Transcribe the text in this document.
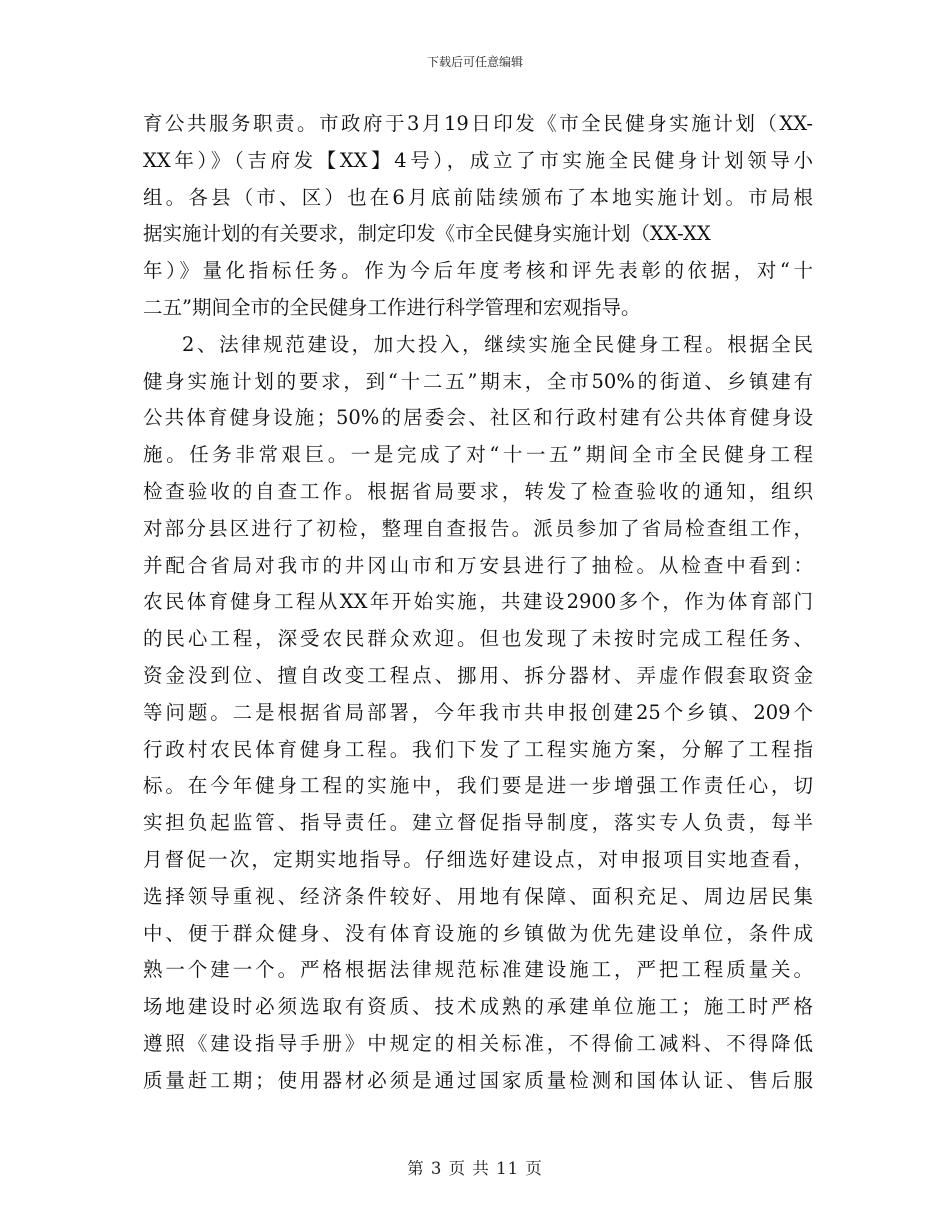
下载后可任意编辑
育公共服务职责。市政府于3月19日印发《市全民健身实施计划（XX-
XX年）》（吉府发【XX】4号），成立了市实施全民健身计划领导小
组。各县（市、区）也在6月底前陆续颁布了本地实施计划。市局根
据实施计划的有关要求，制定印发《市全民健身实施计划（XX-XX
年）》量化指标任务。作为今后年度考核和评先表彰的依据，对“十
二五”期间全市的全民健身工作进行科学管理和宏观指导。
2、法律规范建设，加大投入，继续实施全民健身工程。根据全民
健身实施计划的要求，到“十二五”期末，全市50%的街道、乡镇建有
公共体育健身设施；50%的居委会、社区和行政村建有公共体育健身设
施。任务非常艰巨。一是完成了对“十一五”期间全市全民健身工程
检查验收的自查工作。根据省局要求，转发了检查验收的通知，组织
对部分县区进行了初检，整理自查报告。派员参加了省局检查组工作，
并配合省局对我市的井冈山市和万安县进行了抽检。从检查中看到：
农民体育健身工程从XX年开始实施，共建设2900多个，作为体育部门
的民心工程，深受农民群众欢迎。但也发现了未按时完成工程任务、
资金没到位、擅自改变工程点、挪用、拆分器材、弄虚作假套取资金
等问题。二是根据省局部署，今年我市共申报创建25个乡镇、209个
行政村农民体育健身工程。我们下发了工程实施方案，分解了工程指
标。在今年健身工程的实施中，我们要是进一步增强工作责任心，切
实担负起监管、指导责任。建立督促指导制度，落实专人负责，每半
月督促一次，定期实地指导。仔细选好建设点，对申报项目实地查看，
选择领导重视、经济条件较好、用地有保障、面积充足、周边居民集
中、便于群众健身、没有体育设施的乡镇做为优先建设单位，条件成
熟一个建一个。严格根据法律规范标准建设施工，严把工程质量关。
场地建设时必须选取有资质、技术成熟的承建单位施工；施工时严格
遵照《建设指导手册》中规定的相关标准，不得偷工减料、不得降低
质量赶工期；使用器材必须是通过国家质量检测和国体认证、售后服
第 3 页 共 11 页
